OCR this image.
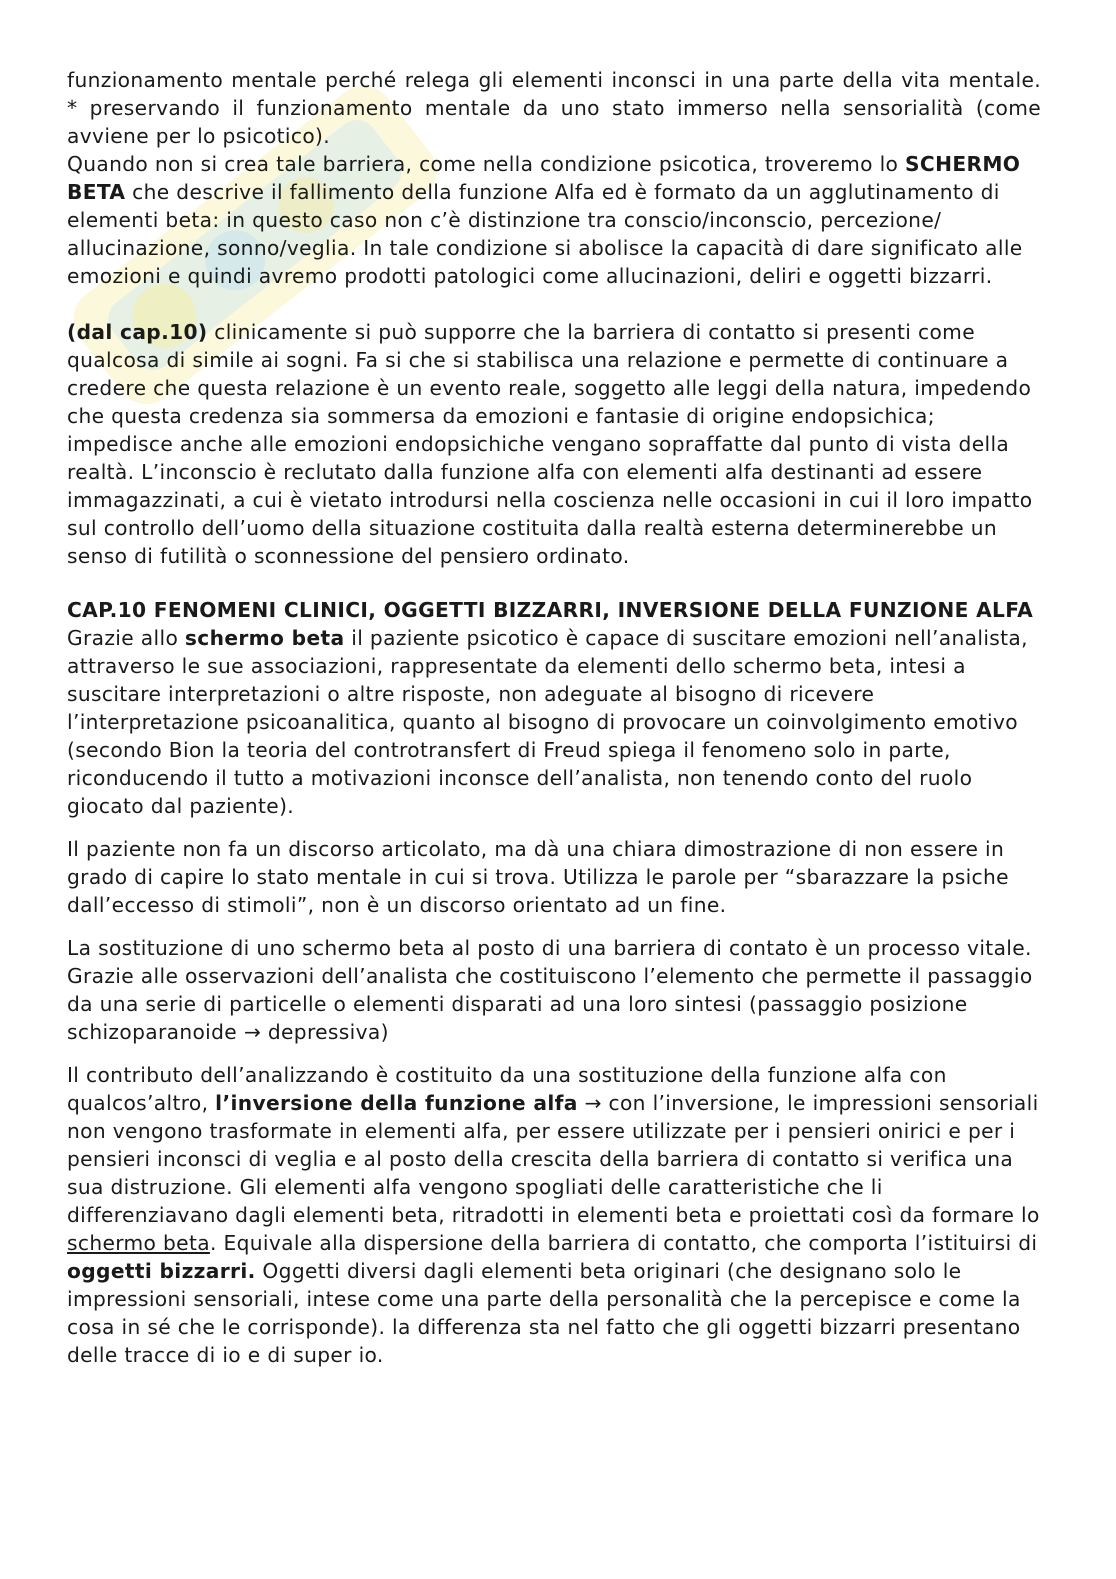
funzionamento mentale perché relega gli elementi inconsci in una parte della vita mentale. * preservando il funzionamento mentale da uno stato immerso nella sensorialità (come avviene per lo psicotico).

Quando non si crea tale barriera, come nella condizione psicotica, troveremo lo SCHERMO BETA che descrive il fallimento della funzione Alfa ed è formato da un agglutinamento di elementi beta: in questo caso non c’è distinzione tra conscio/inconscio, percezione/ allucinazione, sonno/veglia. In tale condizione si abolisce la capacità di dare significato alle emozioni e quindi avremo prodotti patologici come allucinazioni, deliri e oggetti bizzarri.

(dal cap.10) clinicamente si può supporre che la barriera di contatto si presenti come qualcosa di simile ai sogni. Fa si che si stabilisca una relazione e permette di continuare a credere che questa relazione è un evento reale, soggetto alle leggi della natura, impedendo che questa credenza sia sommersa da emozioni e fantasie di origine endopsichica; impedisce anche alle emozioni endopsichiche vengano sopraffatte dal punto di vista della realtà. L’inconscio è reclutato dalla funzione alfa con elementi alfa destinanti ad essere immagazzinati, a cui è vietato introdursi nella coscienza nelle occasioni in cui il loro impatto sul controllo dell’uomo della situazione costituita dalla realtà esterna determinerebbe un senso di futilità o sconnessione del pensiero ordinato.

CAP.10 FENOMENI CLINICI, OGGETTI BIZZARRI, INVERSIONE DELLA FUNZIONE ALFA

Grazie allo schermo beta il paziente psicotico è capace di suscitare emozioni nell’analista, attraverso le sue associazioni, rappresentate da elementi dello schermo beta, intesi a suscitare interpretazioni o altre risposte, non adeguate al bisogno di ricevere l’interpretazione psicoanalitica, quanto al bisogno di provocare un coinvolgimento emotivo (secondo Bion la teoria del controtransfert di Freud spiega il fenomeno solo in parte, riconducendo il tutto a motivazioni inconsce dell’analista, non tenendo conto del ruolo giocato dal paziente).

Il paziente non fa un discorso articolato, ma dà una chiara dimostrazione di non essere in grado di capire lo stato mentale in cui si trova. Utilizza le parole per “sbarazzare la psiche dall’eccesso di stimoli”, non è un discorso orientato ad un fine.

La sostituzione di uno schermo beta al posto di una barriera di contato è un processo vitale. Grazie alle osservazioni dell’analista che costituiscono l’elemento che permette il passaggio da una serie di particelle o elementi disparati ad una loro sintesi (passaggio posizione schizoparanoide → depressiva)

Il contributo dell’analizzando è costituito da una sostituzione della funzione alfa con qualcos’altro, l’inversione della funzione alfa → con l’inversione, le impressioni sensoriali non vengono trasformate in elementi alfa, per essere utilizzate per i pensieri onirici e per i pensieri inconsci di veglia e al posto della crescita della barriera di contatto si verifica una sua distruzione. Gli elementi alfa vengono spogliati delle caratteristiche che li differenziavano dagli elementi beta, ritradotti in elementi beta e proiettati così da formare lo schermo beta. Equivale alla dispersione della barriera di contatto, che comporta l’istituirsi di oggetti bizzarri. Oggetti diversi dagli elementi beta originari (che designano solo le impressioni sensoriali, intese come una parte della personalità che la percepisce e come la cosa in sé che le corrisponde). la differenza sta nel fatto che gli oggetti bizzarri presentano delle tracce di io e di super io.
